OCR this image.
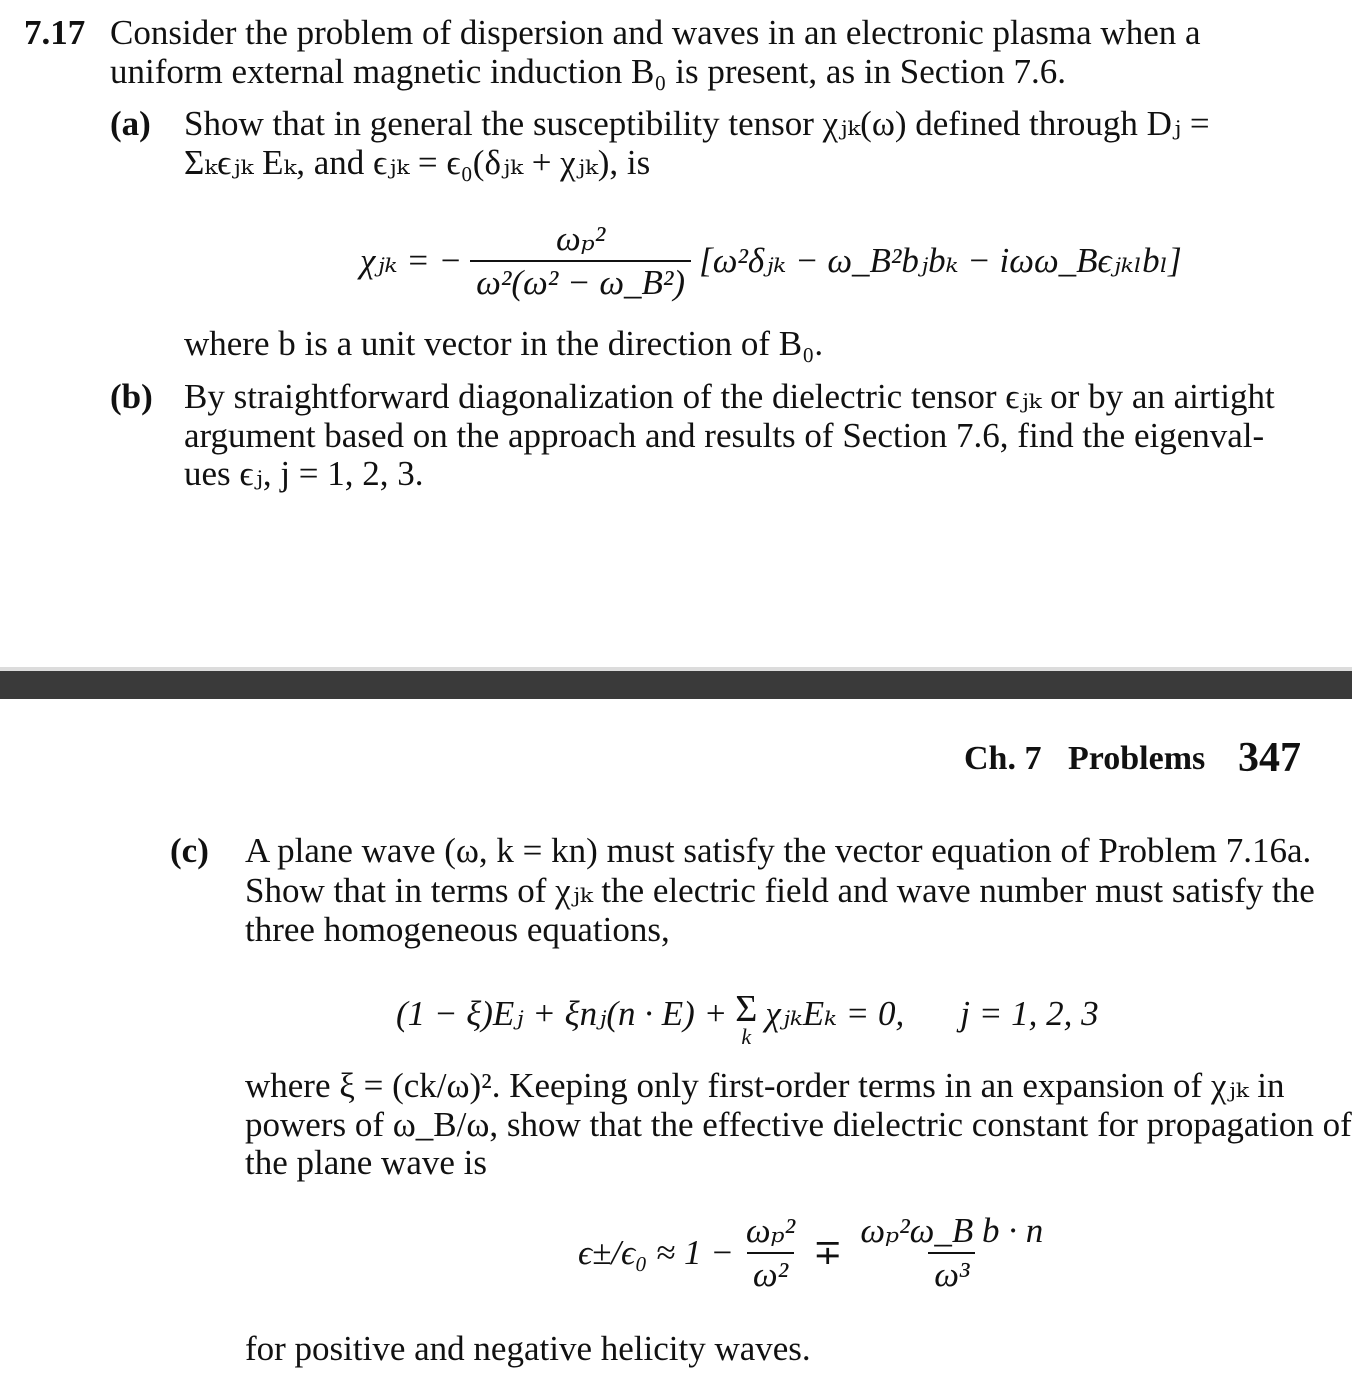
7.17 Consider the problem of dispersion and waves in an electronic plasma when a
uniform external magnetic induction B₀ is present, as in Section 7.6.
(a) Show that in general the susceptibility tensor χⱼₖ(ω) defined through Dⱼ =
Σₖϵⱼₖ Eₖ, and ϵⱼₖ = ϵ₀(δⱼₖ + χⱼₖ), is
χⱼₖ = − $\frac{\text{ωₚ²}}{\text{ω²(ω² − ω\_B²)}}$ [ω²δⱼₖ − ω_B²bⱼbₖ − iωω_Bϵⱼₖₗbₗ]
where b is a unit vector in the direction of B₀.
(b) By straightforward diagonalization of the dielectric tensor ϵⱼₖ or by an airtight
argument based on the approach and results of Section 7.6, find the eigenval-
ues ϵⱼ, j = 1, 2, 3.
Ch. 7 Problems 347
(c) A plane wave (ω, k = kn) must satisfy the vector equation of Problem 7.16a.
Show that in terms of χⱼₖ the electric field and wave number must satisfy the
three homogeneous equations,
(1 − ξ)Eⱼ + ξnⱼ(n · E) + Σ
k
χⱼₖEₖ = 0, j = 1, 2, 3
where ξ = (ck/ω)². Keeping only first-order terms in an expansion of χⱼₖ in
powers of ω_B/ω, show that the effective dielectric constant for propagation of
the plane wave is
$\epsilon\pm/\epsilon_0 \approx 1 - \frac{\text{ωₚ²}}{\text{ω²}} \mp \frac{\text{ωₚ²ω\_B b · n}}{\text{ω³}}$
for positive and negative helicity waves.
